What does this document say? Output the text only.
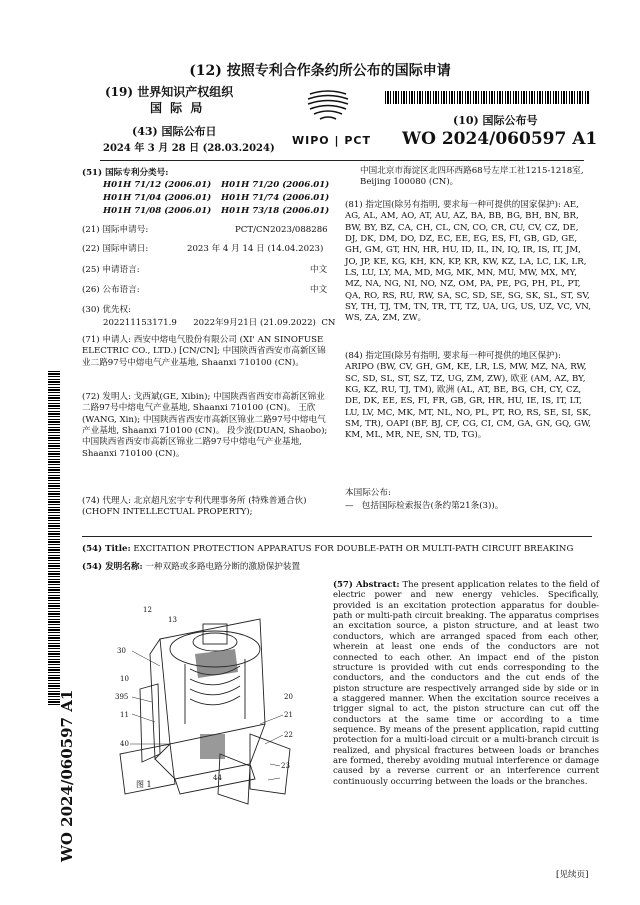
(12) 按照专利合作条约所公布的国际申请
(19) 世界知识产权组织
国 际 局
(43) 国际公布日
2024 年 3 月 28 日 (28.03.2024)
WIPO | PCT
(10) 国际公布号
WO 2024/060597 A1
WO 2024/060597 A1
(51) 国际专利分类号:
H01H 71/12 (2006.01) H01H 71/20 (2006.01)
H01H 71/04 (2006.01) H01H 71/74 (2006.01)
H01H 71/08 (2006.01) H01H 73/18 (2006.01)
(21) 国际申请号:	PCT/CN2023/088286
(22) 国际申请日:	2023 年 4 月 14 日 (14.04.2023)
(25) 申请语言:	中文
(26) 公布语言:	中文
(30) 优先权:
202211153171.9      2022年9月21日 (21.09.2022)  CN
(71) 申请人: 西安中熔电气股份有限公司 (XI' AN SINOFUSE ELECTRIC CO., LTD.) [CN/CN]; 中国陕西省西安市高新区锦业二路97号中熔电气产业基地, Shaanxi 710100 (CN)。
(72) 发明人: 戈西斌(GE, Xibin); 中国陕西省西安市高新区锦业二路97号中熔电气产业基地, Shaanxi 710100 (CN)。 王欣(WANG, Xin); 中国陕西省西安市高新区锦业二路97号中熔电气产业基地, Shaanxi 710100 (CN)。 段少波(DUAN, Shaobo); 中国陕西省西安市高新区锦业二路97号中熔电气产业基地, Shaanxi 710100 (CN)。
(74) 代理人: 北京超凡宏宇专利代理事务所 (特殊普通合伙) (CHOFN INTELLECTUAL PROPERTY);
中国北京市海淀区北四环西路68号左岸工社1215-1218室, Beijing 100080 (CN)。
(81) 指定国(除另有指明, 要求每一种可提供的国家保护): AE, AG, AL, AM, AO, AT, AU, AZ, BA, BB, BG, BH, BN, BR, BW, BY, BZ, CA, CH, CL, CN, CO, CR, CU, CV, CZ, DE, DJ, DK, DM, DO, DZ, EC, EE, EG, ES, FI, GB, GD, GE, GH, GM, GT, HN, HR, HU, ID, IL, IN, IQ, IR, IS, IT, JM, JO, JP, KE, KG, KH, KN, KP, KR, KW, KZ, LA, LC, LK, LR, LS, LU, LY, MA, MD, MG, MK, MN, MU, MW, MX, MY, MZ, NA, NG, NI, NO, NZ, OM, PA, PE, PG, PH, PL, PT, QA, RO, RS, RU, RW, SA, SC, SD, SE, SG, SK, SL, ST, SV, SY, TH, TJ, TM, TN, TR, TT, TZ, UA, UG, US, UZ, VC, VN, WS, ZA, ZM, ZW。
(84) 指定国(除另有指明, 要求每一种可提供的地区保护): ARIPO (BW, CV, GH, GM, KE, LR, LS, MW, MZ, NA, RW, SC, SD, SL, ST, SZ, TZ, UG, ZM, ZW), 欧亚 (AM, AZ, BY, KG, KZ, RU, TJ, TM), 欧洲 (AL, AT, BE, BG, CH, CY, CZ, DE, DK, EE, ES, FI, FR, GB, GR, HR, HU, IE, IS, IT, LT, LU, LV, MC, MK, MT, NL, NO, PL, PT, RO, RS, SE, SI, SK, SM, TR), OAPI (BF, BJ, CF, CG, CI, CM, GA, GN, GQ, GW, KM, ML, MR, NE, SN, TD, TG)。
本国际公布:
—   包括国际检索报告(条约第21条(3))。
(54) Title: EXCITATION PROTECTION APPARATUS FOR DOUBLE-PATH OR MULTI-PATH CIRCUIT BREAKING
(54) 发明名称: 一种双路或多路电路分断的激励保护装置
12
13
30
10
395
11
40
20
21
22
23
44
图 1
(57) Abstract: The present application relates to the field of electric power and new energy vehicles. Specifically, provided is an excitation protection apparatus for double-path or multi-path circuit breaking. The apparatus comprises an excitation source, a piston structure, and at least two conductors, which are arranged spaced from each other, wherein at least one ends of the conductors are not connected to each other. An impact end of the piston structure is provided with cut ends corresponding to the conductors, and the conductors and the cut ends of the piston structure are respectively arranged side by side or in a staggered manner. When the excitation source receives a trigger signal to act, the piston structure can cut off the conductors at the same time or according to a time sequence. By means of the present application, rapid cutting protection for a multi-load circuit or a multi-branch circuit is realized, and physical fractures between loads or branches are formed, thereby avoiding mutual interference or damage caused by a reverse current or an interference current continuously occurring between the loads or the branches.
[见续页]
